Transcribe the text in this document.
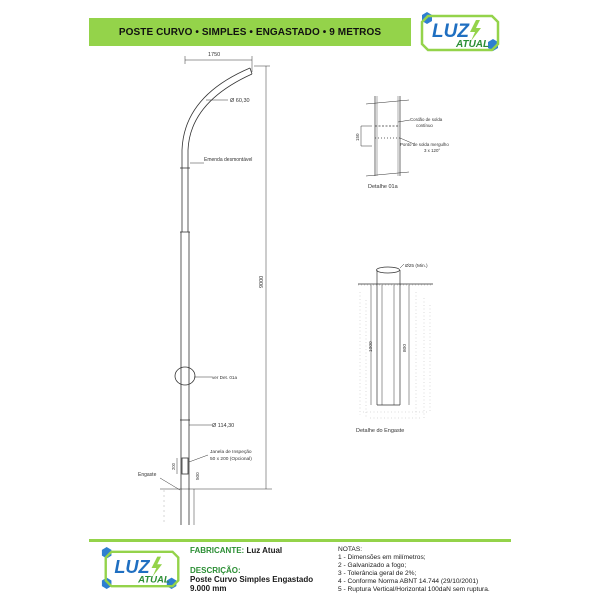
POSTE CURVO • SIMPLES • ENGASTADO • 9 METROS	LUZ
ATUAL
1750
Ø 60,30
Emenda desmontável
9000
ver Det. 01a
Ø 114,30
Janela de Inspeção
50 x 200 (Opcional)
200
500
Engaste
150
Cordão de solda
contínuo
Ponto de solda mergulho
3 x 120°
Detalhe 01a
Ø25 (Min.)
1000	800
Detalhe do Engaste
LUZ
ATUAL
FABRICANTE: Luz Atual
DESCRIÇÃO:
Poste Curvo Simples Engastado
9.000 mm
NOTAS:
1 - Dimensões em milímetros;
2 - Galvanizado a fogo;
3 - Tolerância geral de 2%;
4 - Conforme Norma ABNT 14.744 (29/10/2001)
5 - Ruptura Vertical/Horizontal 100daN sem ruptura.
